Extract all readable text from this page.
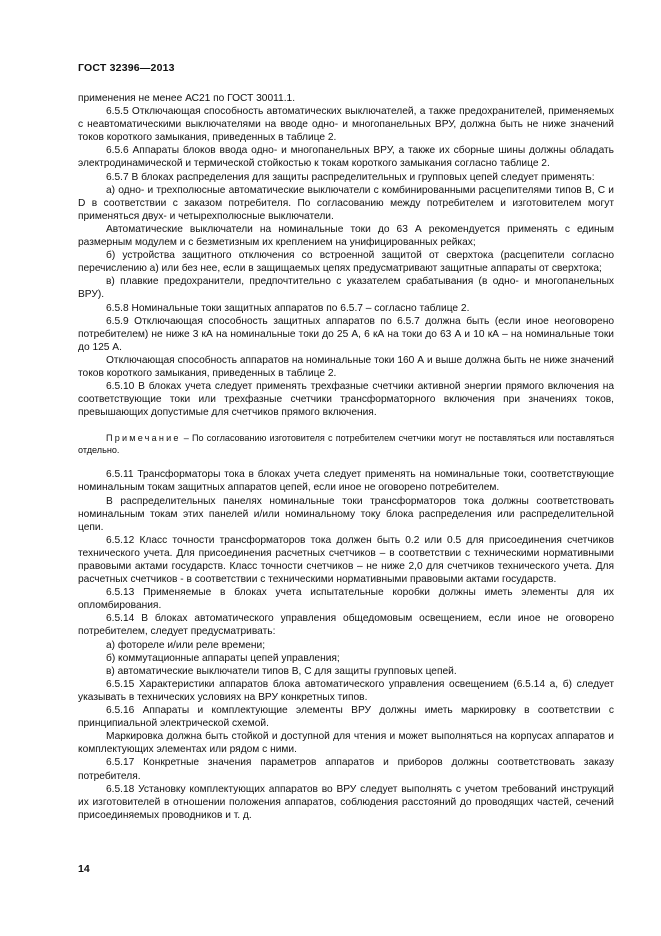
ГОСТ 32396—2013

применения не менее АС21 по ГОСТ 30011.1.

6.5.5 Отключающая способность автоматических выключателей, а также предохранителей, применяемых с неавтоматическими выключателями на вводе одно- и многопанельных ВРУ, должна быть не ниже значений токов короткого замыкания, приведенных в таблице 2.

6.5.6 Аппараты блоков ввода одно- и многопанельных ВРУ, а также их сборные шины должны обладать электродинамической и термической стойкостью к токам короткого замыкания согласно таблице 2.

6.5.7 В блоках распределения для защиты распределительных и групповых цепей следует применять:

а) одно- и трехполюсные автоматические выключатели с комбинированными расцепителями типов В, С и D в соответствии с заказом потребителя. По согласованию между потребителем и изготовителем могут применяться двух- и четырехполюсные выключатели.

Автоматические выключатели на номинальные токи до 63 А рекомендуется применять с единым размерным модулем и с безметизным их креплением на унифицированных рейках;

б) устройства защитного отключения со встроенной защитой от сверхтока (расцепители согласно перечислению а) или без нее, если в защищаемых цепях предусматривают защитные аппараты от сверхтока;

в) плавкие предохранители, предпочтительно с указателем срабатывания (в одно- и многопанельных ВРУ).

6.5.8 Номинальные токи защитных аппаратов по 6.5.7 – согласно таблице 2.

6.5.9 Отключающая способность защитных аппаратов по 6.5.7 должна быть (если иное неоговорено потребителем) не ниже 3 кА на номинальные токи до 25 А, 6 кА на токи до 63 А и 10 кА – на номинальные токи до 125 А.

Отключающая способность аппаратов на номинальные токи 160 А и выше должна быть не ниже значений токов короткого замыкания, приведенных в таблице 2.

6.5.10 В блоках учета следует применять трехфазные счетчики активной энергии прямого включения на соответствующие токи или трехфазные счетчики трансформаторного включения при значениях токов, превышающих допустимые для счетчиков прямого включения.

Примечание – По согласованию изготовителя с потребителем счетчики могут не поставляться или поставляться отдельно.

6.5.11 Трансформаторы тока в блоках учета следует применять на номинальные токи, соответствующие номинальным токам защитных аппаратов цепей, если иное не оговорено потребителем.

В распределительных панелях номинальные токи трансформаторов тока должны соответствовать номинальным токам этих панелей и/или номинальному току блока распределения или распределительной цепи.

6.5.12 Класс точности трансформаторов тока должен быть 0.2 или 0.5 для присоединения счетчиков технического учета. Для присоединения расчетных счетчиков – в соответствии с техническими нормативными правовыми актами государств. Класс точности счетчиков – не ниже 2,0 для счетчиков технического учета. Для расчетных счетчиков - в соответствии с техническими нормативными правовыми актами государств.

6.5.13 Применяемые в блоках учета испытательные коробки должны иметь элементы для их опломбирования.

6.5.14 В блоках автоматического управления общедомовым освещением, если иное не оговорено потребителем, следует предусматривать:

а) фотореле и/или реле времени;

б) коммутационные аппараты цепей управления;

в) автоматические выключатели типов В, С для защиты групповых цепей.

6.5.15 Характеристики аппаратов блока автоматического управления освещением (6.5.14 а, б) следует указывать в технических условиях на ВРУ конкретных типов.

6.5.16 Аппараты и комплектующие элементы ВРУ должны иметь маркировку в соответствии с принципиальной электрической схемой.

Маркировка должна быть стойкой и доступной для чтения и может выполняться на корпусах аппаратов и комплектующих элементах или рядом с ними.

6.5.17 Конкретные значения параметров аппаратов и приборов должны соответствовать заказу потребителя.

6.5.18 Установку комплектующих аппаратов во ВРУ следует выполнять с учетом требований инструкций их изготовителей в отношении положения аппаратов, соблюдения расстояний до проводящих частей, сечений присоединяемых проводников и т. д.

14
